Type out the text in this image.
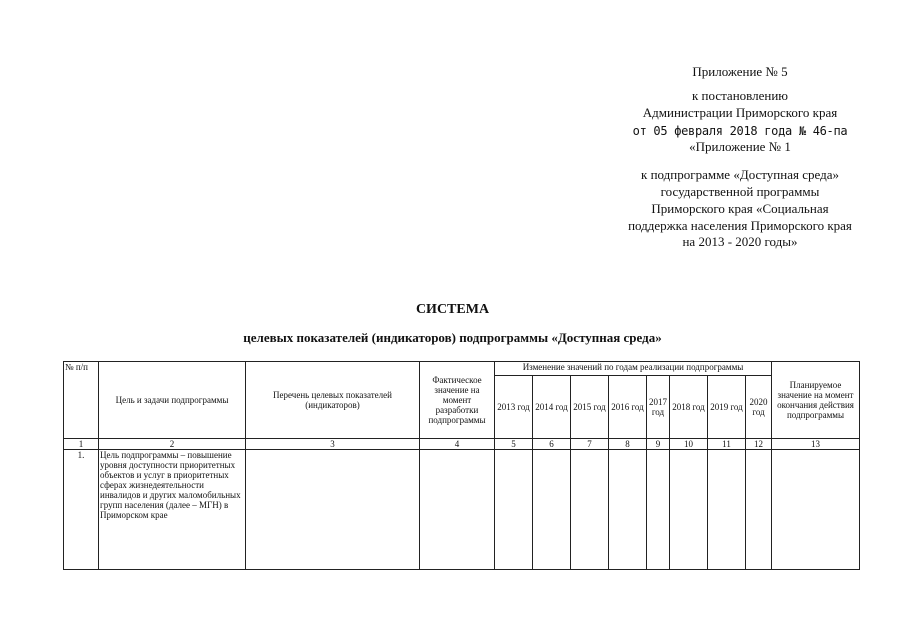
Приложение № 5
к постановлению
Администрации Приморского края
от 05 февраля 2018 года № 46-па
«Приложение № 1
к подпрограмме «Доступная среда»
государственной программы
Приморского края «Социальная
поддержка населения Приморского края
на 2013 - 2020 годы»
СИСТЕМА
целевых показателей (индикаторов) подпрограммы «Доступная среда»
№ п/п	Цель и задачи подпрограммы	Перечень целевых показателей (индикаторов)	Фактическое значение на момент разработки подпрограммы	Изменение значений по годам реализации подпрограммы								Планируемое значение на момент окончания действия подпрограммы
				2013 год	2014 год	2015 год	2016 год	2017 год	2018 год	2019 год	2020 год	
1	2	3	4	5	6	7	8	9	10	11	12	13
1.	Цель подпрограммы – повышение уровня доступности приоритетных объектов и услуг в приоритетных сферах жизнедеятельности инвалидов и других маломобильных групп населения (далее – МГН) в Приморском крае											
